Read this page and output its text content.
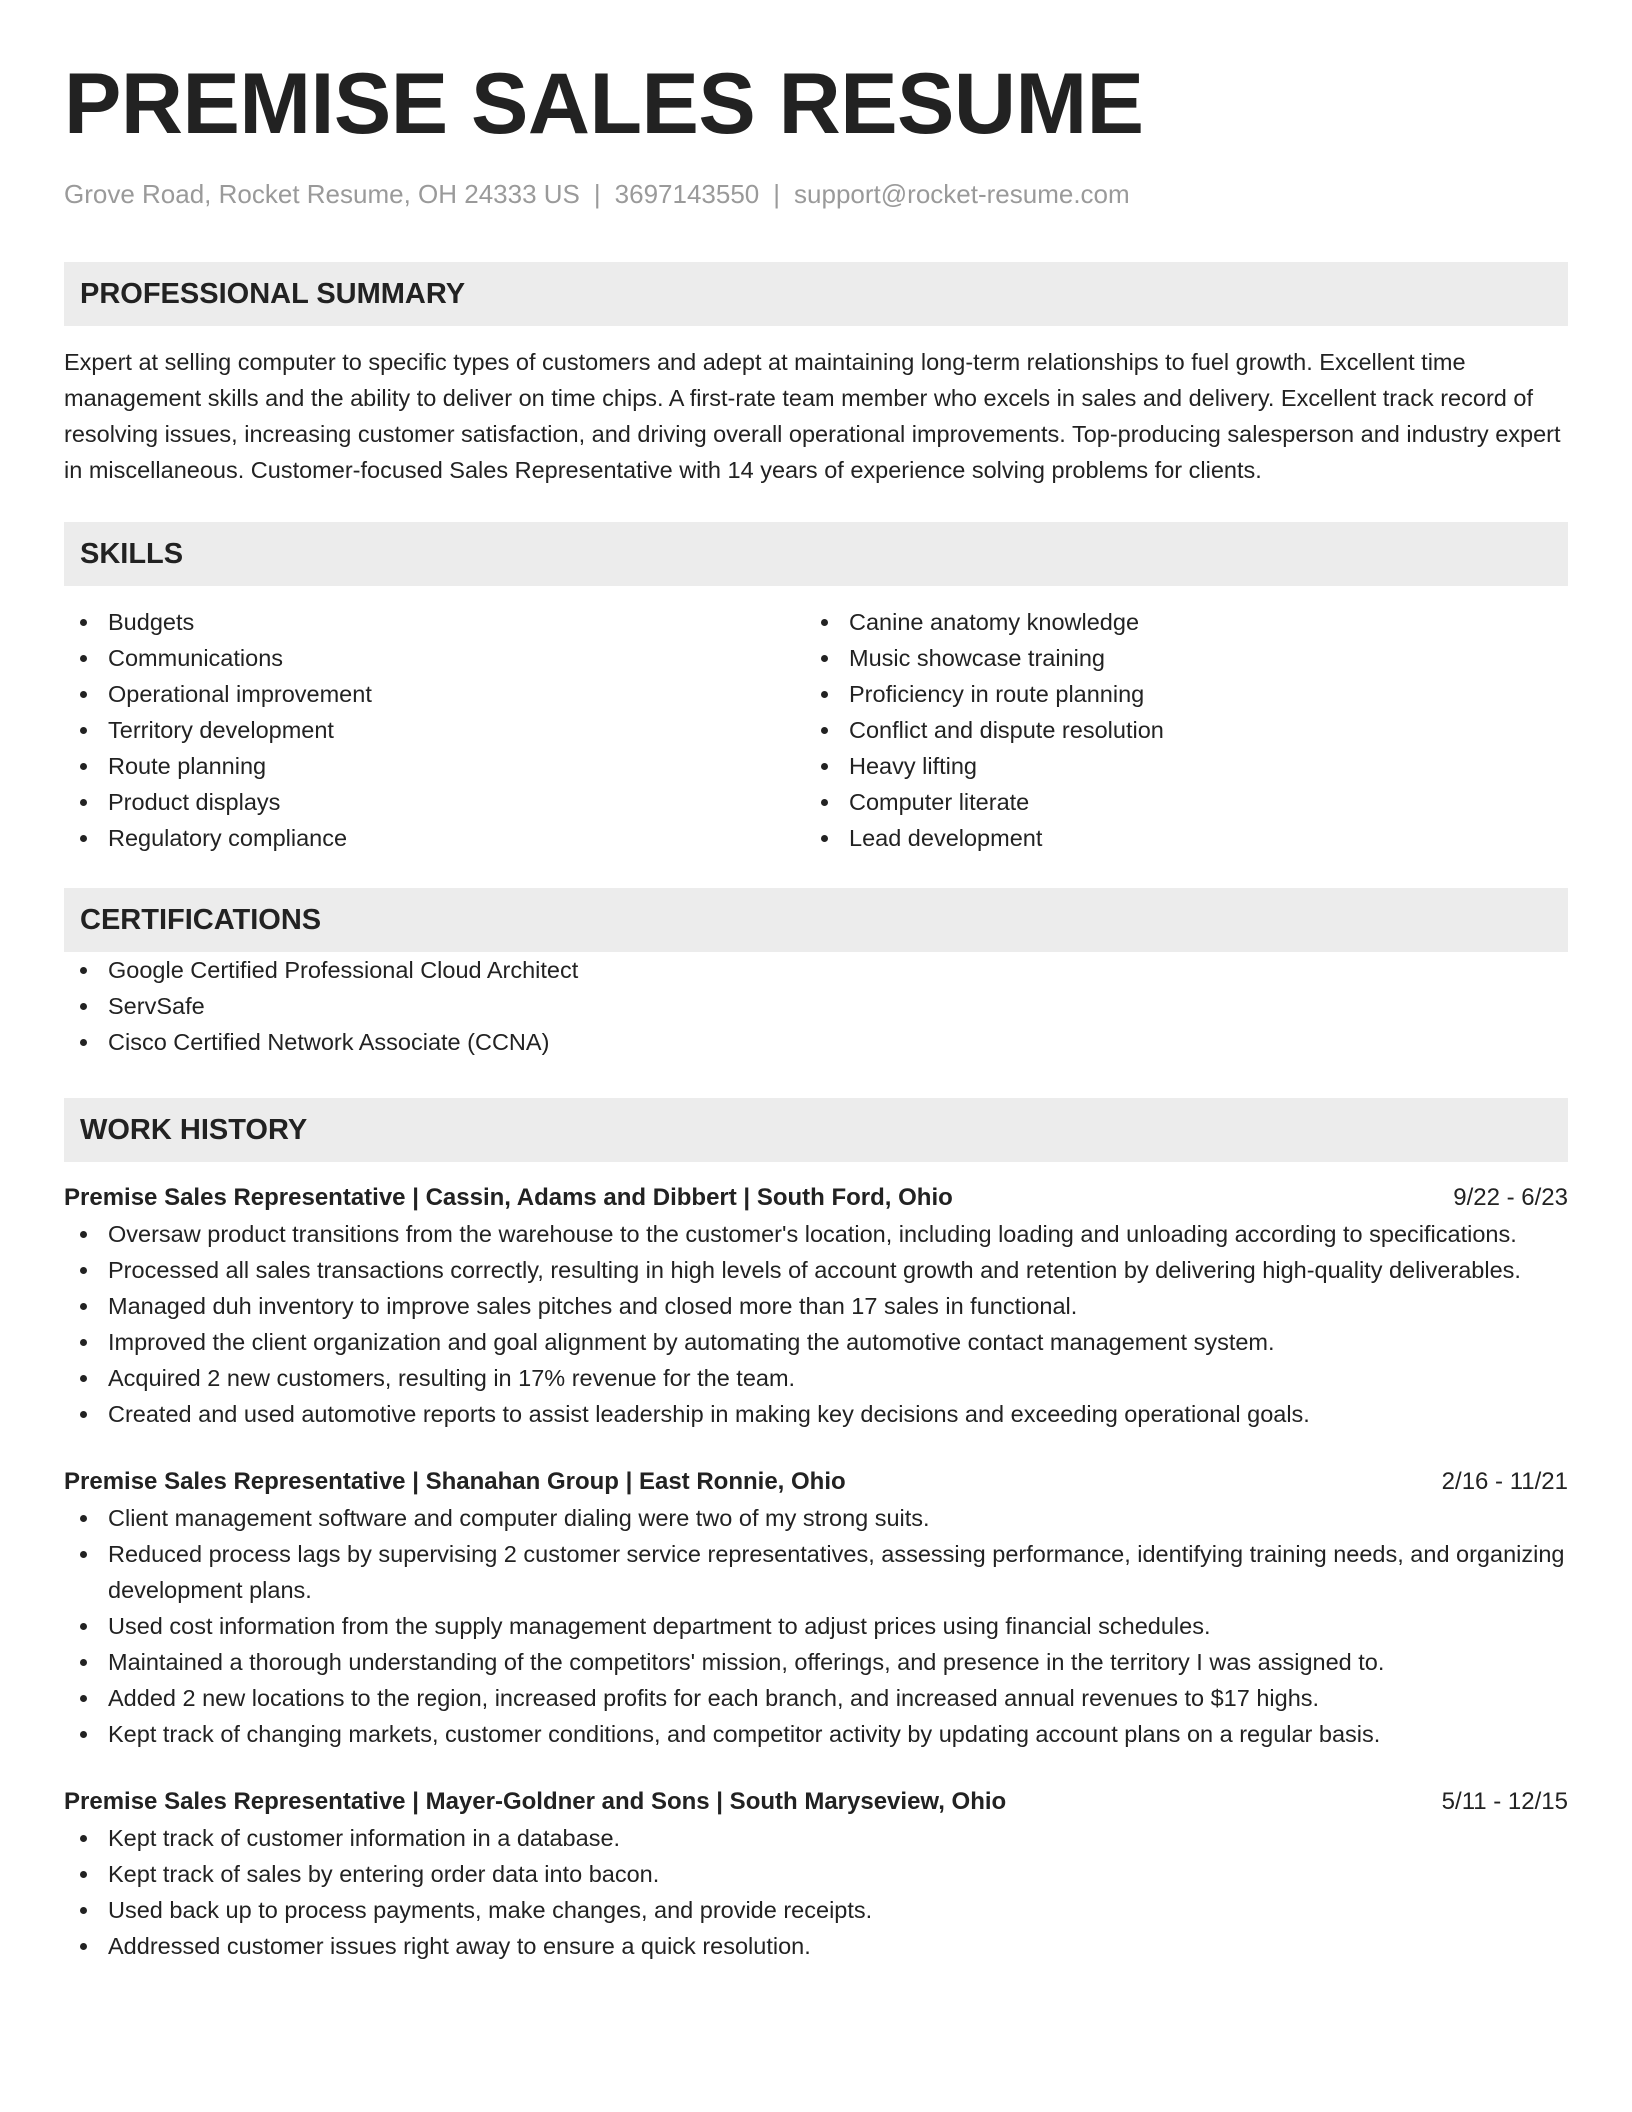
PREMISE SALES RESUME
Grove Road, Rocket Resume, OH 24333 US | 3697143550 | support@rocket-resume.com
PROFESSIONAL SUMMARY

Expert at selling computer to specific types of customers and adept at maintaining long-term relationships to fuel growth. Excellent time management skills and the ability to deliver on time chips. A first-rate team member who excels in sales and delivery. Excellent track record of resolving issues, increasing customer satisfaction, and driving overall operational improvements. Top-producing salesperson and industry expert in miscellaneous. Customer-focused Sales Representative with 14 years of experience solving problems for clients.

SKILLS
Budgets
Communications
Operational improvement
Territory development
Route planning
Product displays
Regulatory compliance
Canine anatomy knowledge
Music showcase training
Proficiency in route planning
Conflict and dispute resolution
Heavy lifting
Computer literate
Lead development
CERTIFICATIONS
Google Certified Professional Cloud Architect
ServSafe
Cisco Certified Network Associate (CCNA)
WORK HISTORY
Premise Sales Representative | Cassin, Adams and Dibbert | South Ford, Ohio	9/22 - 6/23
Oversaw product transitions from the warehouse to the customer's location, including loading and unloading according to specifications.
Processed all sales transactions correctly, resulting in high levels of account growth and retention by delivering high-quality deliverables.
Managed duh inventory to improve sales pitches and closed more than 17 sales in functional.
Improved the client organization and goal alignment by automating the automotive contact management system.
Acquired 2 new customers, resulting in 17% revenue for the team.
Created and used automotive reports to assist leadership in making key decisions and exceeding operational goals.
Premise Sales Representative | Shanahan Group | East Ronnie, Ohio	2/16 - 11/21
Client management software and computer dialing were two of my strong suits.
Reduced process lags by supervising 2 customer service representatives, assessing performance, identifying training needs, and organizing development plans.
Used cost information from the supply management department to adjust prices using financial schedules.
Maintained a thorough understanding of the competitors' mission, offerings, and presence in the territory I was assigned to.
Added 2 new locations to the region, increased profits for each branch, and increased annual revenues to $17 highs.
Kept track of changing markets, customer conditions, and competitor activity by updating account plans on a regular basis.
Premise Sales Representative | Mayer-Goldner and Sons | South Maryseview, Ohio	5/11 - 12/15
Kept track of customer information in a database.
Kept track of sales by entering order data into bacon.
Used back up to process payments, make changes, and provide receipts.
Addressed customer issues right away to ensure a quick resolution.
